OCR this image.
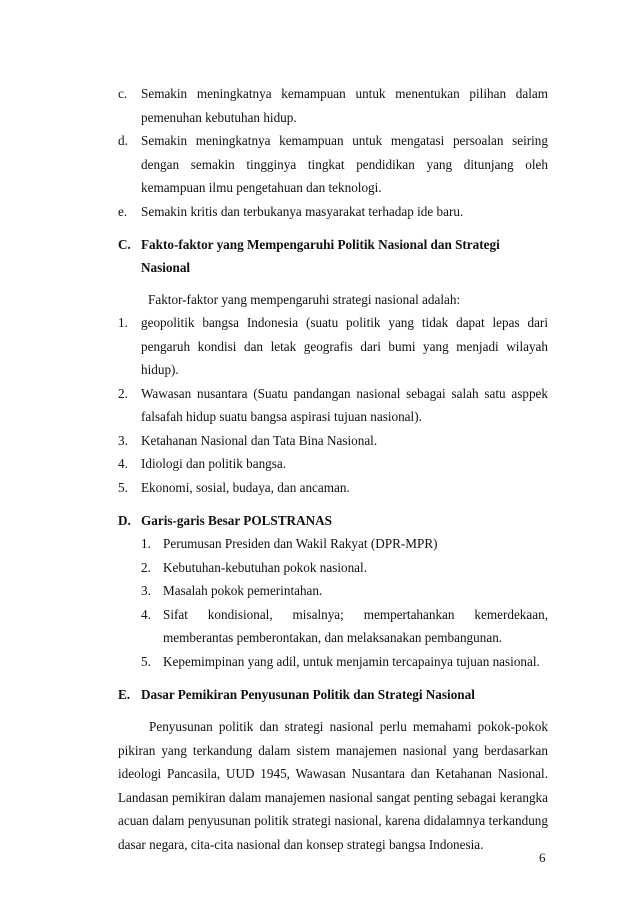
c.	Semakin meningkatnya kemampuan untuk menentukan pilihan dalam pemenuhan kebutuhan hidup.
d. Semakin meningkatnya kemampuan untuk mengatasi persoalan seiring dengan semakin tingginya tingkat pendidikan yang ditunjang oleh kemampuan ilmu pengetahuan dan teknologi.
e.	Semakin kritis dan terbukanya masyarakat terhadap ide baru.
C. Fakto-faktor yang Mempengaruhi Politik Nasional dan Strategi Nasional
Faktor-faktor yang mempengaruhi strategi nasional adalah:
1. geopolitik bangsa Indonesia (suatu politik yang tidak dapat lepas dari pengaruh kondisi dan letak geografis dari bumi yang menjadi wilayah hidup).
2. Wawasan nusantara (Suatu pandangan nasional sebagai salah satu asppek falsafah hidup suatu bangsa aspirasi tujuan nasional).
3. Ketahanan Nasional dan Tata Bina Nasional.
4. Idiologi dan politik bangsa.
5. Ekonomi, sosial, budaya, dan ancaman.
D. Garis-garis Besar POLSTRANAS
1. Perumusan Presiden dan Wakil Rakyat (DPR-MPR)
2. Kebutuhan-kebutuhan pokok nasional.
3. Masalah pokok pemerintahan.
4. Sifat kondisional, misalnya; mempertahankan kemerdekaan, memberantas pemberontakan, dan melaksanakan pembangunan.
5. Kepemimpinan yang adil, untuk menjamin tercapainya tujuan nasional.
E. Dasar Pemikiran Penyusunan Politik dan Strategi Nasional
Penyusunan politik dan strategi nasional perlu memahami pokok-pokok pikiran yang terkandung dalam sistem manajemen nasional yang berdasarkan ideologi Pancasila, UUD 1945, Wawasan Nusantara dan Ketahanan Nasional. Landasan pemikiran dalam manajemen nasional sangat penting sebagai kerangka acuan dalam penyusunan politik strategi nasional, karena didalamnya terkandung dasar negara, cita-cita nasional dan konsep strategi bangsa Indonesia.
6
